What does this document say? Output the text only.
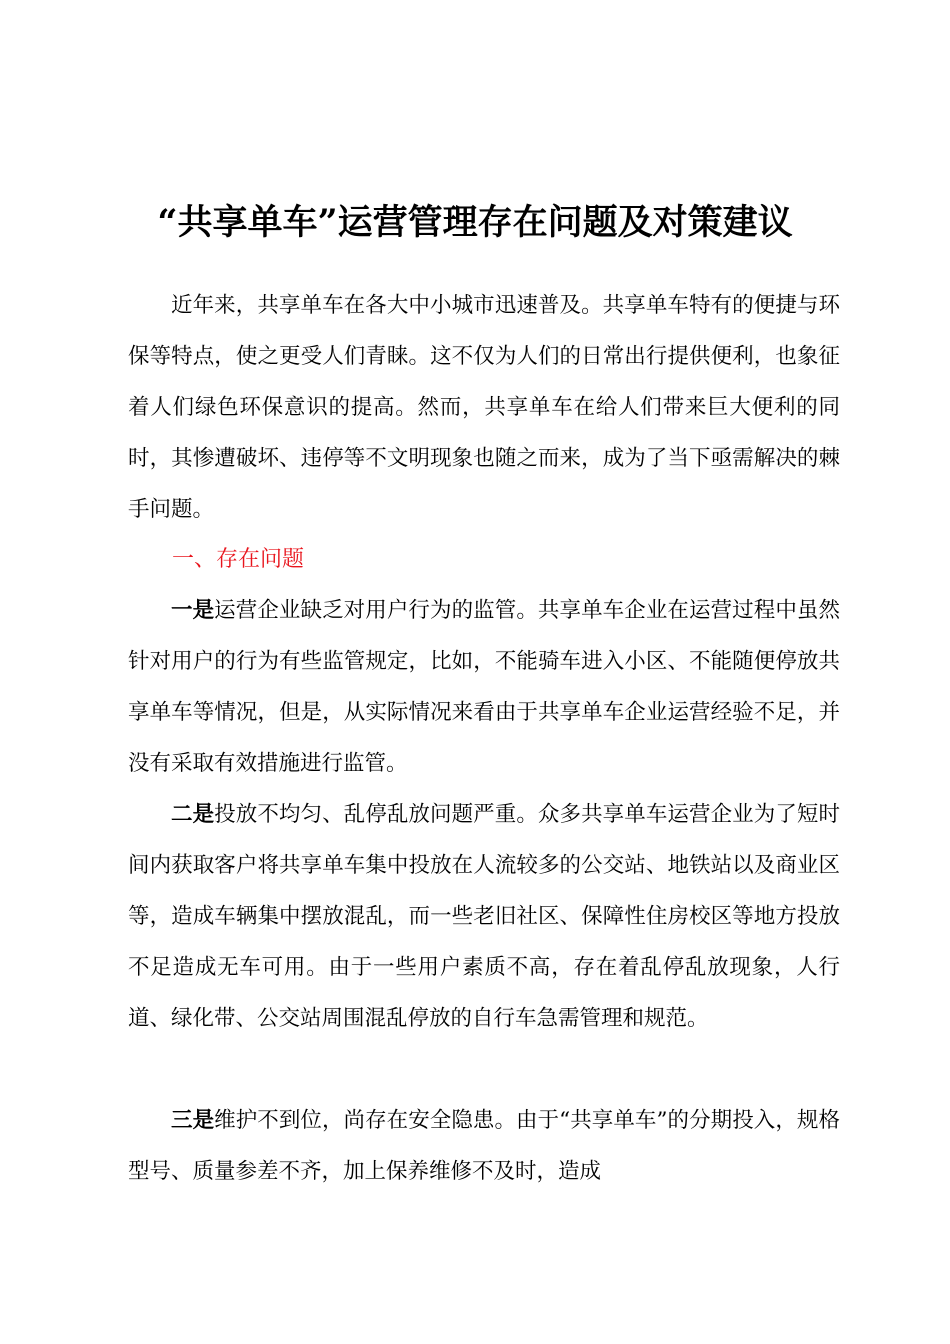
“共享单车”运营管理存在问题及对策建议

近年来，共享单车在各大中小城市迅速普及。共享单车特有的便捷与环保等特点，使之更受人们青睐。这不仅为人们的日常出行提供便利，也象征着人们绿色环保意识的提高。然而，共享单车在给人们带来巨大便利的同时，其惨遭破坏、违停等不文明现象也随之而来，成为了当下亟需解决的棘手问题。

一、存在问题

一是运营企业缺乏对用户行为的监管。共享单车企业在运营过程中虽然针对用户的行为有些监管规定，比如，不能骑车进入小区、不能随便停放共享单车等情况，但是，从实际情况来看由于共享单车企业运营经验不足，并没有采取有效措施进行监管。

二是投放不均匀、乱停乱放问题严重。众多共享单车运营企业为了短时间内获取客户将共享单车集中投放在人流较多的公交站、地铁站以及商业区等，造成车辆集中摆放混乱，而一些老旧社区、保障性住房校区等地方投放不足造成无车可用。由于一些用户素质不高，存在着乱停乱放现象，人行道、绿化带、公交站周围混乱停放的自行车急需管理和规范。

三是维护不到位，尚存在安全隐患。由于“共享单车”的分期投入，规格型号、质量参差不齐，加上保养维修不及时，造成
